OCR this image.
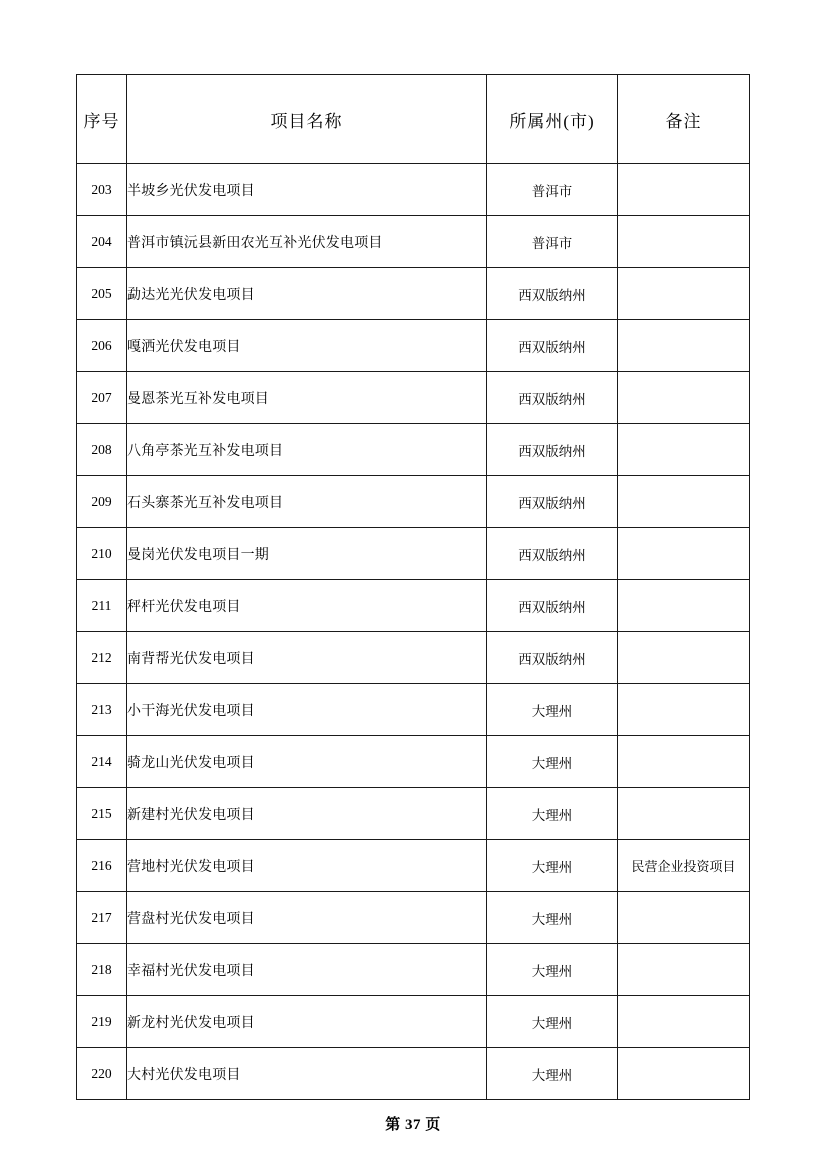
序号	项目名称	所属州(市)	备注
203	半坡乡光伏发电项目	普洱市	
204	普洱市镇沅县新田农光互补光伏发电项目	普洱市	
205	勐达光光伏发电项目	西双版纳州	
206	嘎洒光伏发电项目	西双版纳州	
207	曼恩茶光互补发电项目	西双版纳州	
208	八角亭茶光互补发电项目	西双版纳州	
209	石头寨茶光互补发电项目	西双版纳州	
210	曼岗光伏发电项目一期	西双版纳州	
211	秤杆光伏发电项目	西双版纳州	
212	南背帮光伏发电项目	西双版纳州	
213	小干海光伏发电项目	大理州	
214	骑龙山光伏发电项目	大理州	
215	新建村光伏发电项目	大理州	
216	营地村光伏发电项目	大理州	民营企业投资项目
217	营盘村光伏发电项目	大理州	
218	幸福村光伏发电项目	大理州	
219	新龙村光伏发电项目	大理州	
220	大村光伏发电项目	大理州	
第 37 页
